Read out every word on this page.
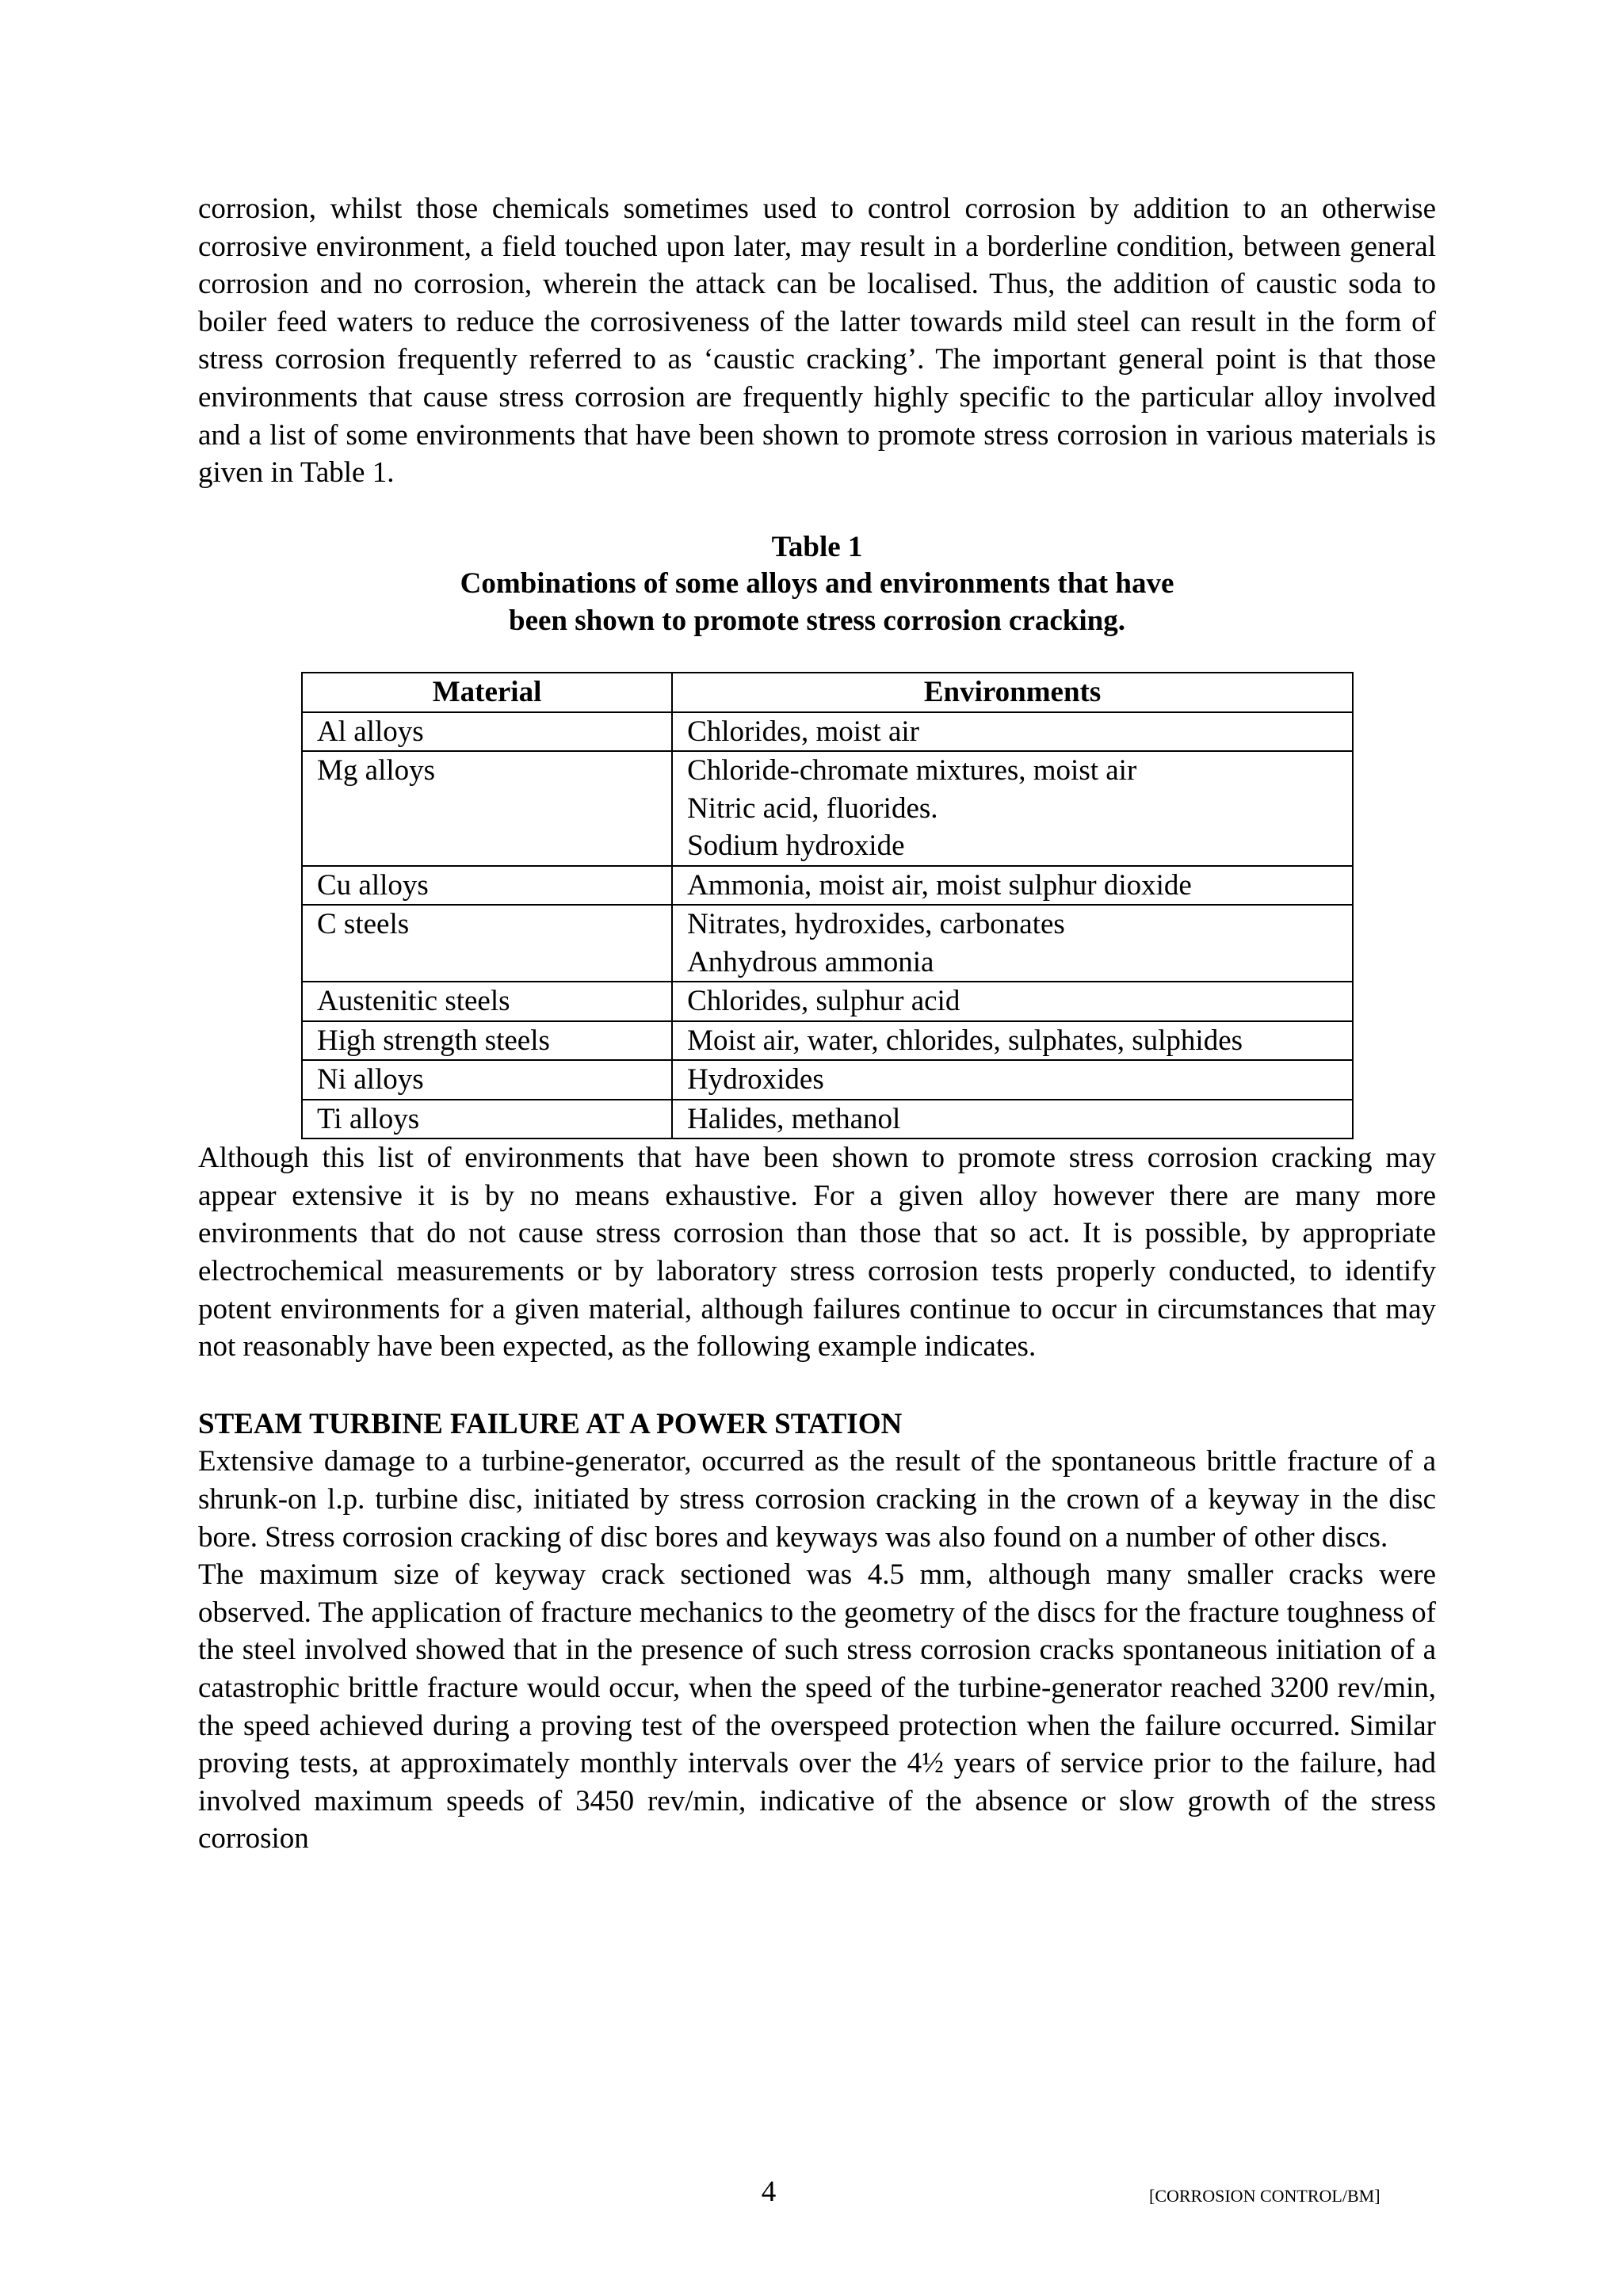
corrosion, whilst those chemicals sometimes used to control corrosion by addition to an otherwise corrosive environment, a field touched upon later, may result in a borderline condition, between general corrosion and no corrosion, wherein the attack can be localised. Thus, the addition of caustic soda to boiler feed waters to reduce the corrosiveness of the latter towards mild steel can result in the form of stress corrosion frequently referred to as ‘caustic cracking’. The important general point is that those environments that cause stress corrosion are frequently highly specific to the particular alloy involved and a list of some environments that have been shown to promote stress corrosion in various materials is given in Table 1.

Table 1
Combinations of some alloys and environments that have
been shown to promote stress corrosion cracking.
Material	Environments
Al alloys	Chlorides, moist air

Mg alloys	Chloride-chromate mixtures, moist air
Nitric acid, fluorides.
Sodium hydroxide

Cu alloys	Ammonia, moist air, moist sulphur dioxide

C steels	Nitrates, hydroxides, carbonates
Anhydrous ammonia

Austenitic steels	Chlorides, sulphur acid

High strength steels	Moist air, water, chlorides, sulphates, sulphides

Ni alloys	Hydroxides

Ti alloys	Halides, methanol

Although this list of environments that have been shown to promote stress corrosion cracking may appear extensive it is by no means exhaustive. For a given alloy however there are many more environments that do not cause stress corrosion than those that so act. It is possible, by appropriate electrochemical measurements or by laboratory stress corrosion tests properly conducted, to identify potent environments for a given material, although failures continue to occur in circumstances that may not reasonably have been expected, as the following example indicates.

STEAM TURBINE FAILURE AT A POWER STATION

Extensive damage to a turbine-generator, occurred as the result of the spontaneous brittle fracture of a shrunk-on l.p. turbine disc, initiated by stress corrosion cracking in the crown of a keyway in the disc bore. Stress corrosion cracking of disc bores and keyways was also found on a number of other discs.

The maximum size of keyway crack sectioned was 4.5 mm, although many smaller cracks were observed. The application of fracture mechanics to the geometry of the discs for the fracture toughness of the steel involved showed that in the presence of such stress corrosion cracks spontaneous initiation of a catastrophic brittle fracture would occur, when the speed of the turbine-generator reached 3200 rev/min, the speed achieved during a proving test of the overspeed protection when the failure occurred. Similar proving tests, at approximately monthly intervals over the 4½ years of service prior to the failure, had involved maximum speeds of 3450 rev/min, indicative of the absence or slow growth of the stress corrosion

4	[CORROSION CONTROL/BM]
